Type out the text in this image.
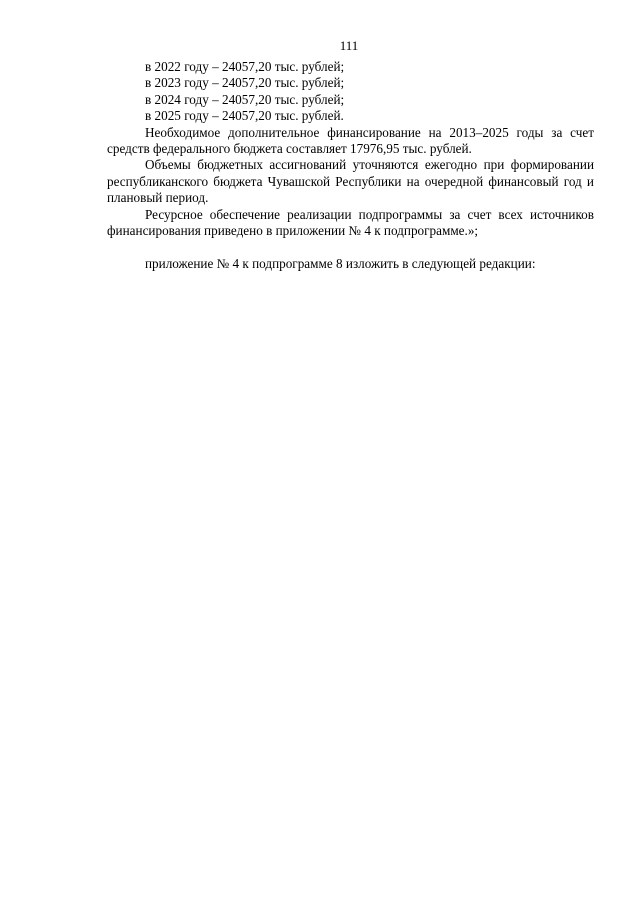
111
в 2022 году – 24057,20 тыс. рублей;
в 2023 году – 24057,20 тыс. рублей;
в 2024 году – 24057,20 тыс. рублей;
в 2025 году – 24057,20 тыс. рублей.
Необходимое дополнительное финансирование на 2013–2025 годы за счет средств федерального бюджета составляет 17976,95 тыс. рублей.
Объемы бюджетных ассигнований уточняются ежегодно при формировании республиканского бюджета Чувашской Республики на очередной финансовый год и плановый период.
Ресурсное обеспечение реализации подпрограммы за счет всех источников финансирования приведено в приложении № 4 к подпрограмме.»;
приложение № 4 к подпрограмме 8 изложить в следующей редакции:
